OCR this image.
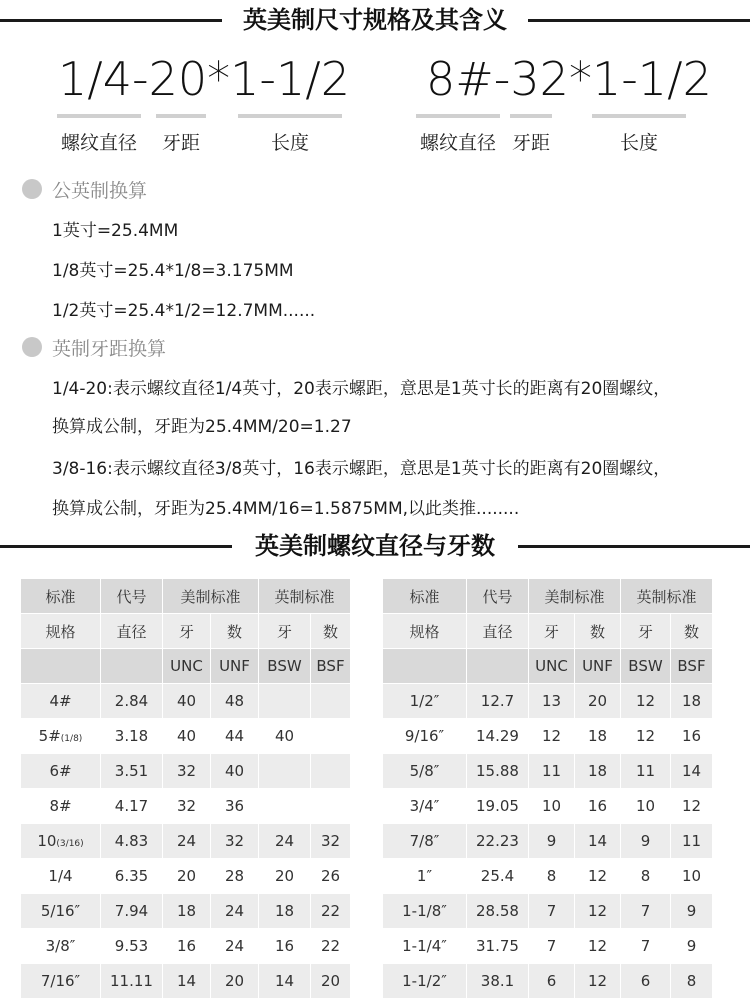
英美制尺寸规格及其含义
1/4-20*1-1/2
螺纹直径	牙距	长度
8#-32*1-1/2
螺纹直径 牙距	长度
公英制换算
1英寸=25.4MM
1/8英寸=25.4*1/8=3.175MM
1/2英寸=25.4*1/2=12.7MM......
英制牙距换算
1/4-20:表示螺纹直径1/4英寸，20表示螺距，意思是1英寸长的距离有20圈螺纹，
换算成公制，牙距为25.4MM/20=1.27
3/8-16:表示螺纹直径3/8英寸，16表示螺距，意思是1英寸长的距离有20圈螺纹，
换算成公制，牙距为25.4MM/16=1.5875MM,以此类推........
英美制螺纹直径与牙数
标准	代号	美制标准		英制标准	
规格	直径	牙	数	牙	数
		UNC	UNF	BSW	BSF
4#	2.84	40	48		
5#(1/8)	3.18	40	44	40	
6#	3.51	32	40		
8#	4.17	32	36		
10(3/16)	4.83	24	32	24	32
1/4	6.35	20	28	20	26
5/16″	7.94	18	24	18	22
3/8″	9.53	16	24	16	22
7/16″	11.11	14	20	14	20
标准	代号	美制标准		英制标准	
规格	直径	牙	数	牙	数
		UNC	UNF	BSW	BSF
1/2″	12.7	13	20	12	18
9/16″	14.29	12	18	12	16
5/8″	15.88	11	18	11	14
3/4″	19.05	10	16	10	12
7/8″	22.23	9	14	9	11
1″	25.4	8	12	8	10
1-1/8″	28.58	7	12	7	9
1-1/4″	31.75	7	12	7	9
1-1/2″	38.1	6	12	6	8
